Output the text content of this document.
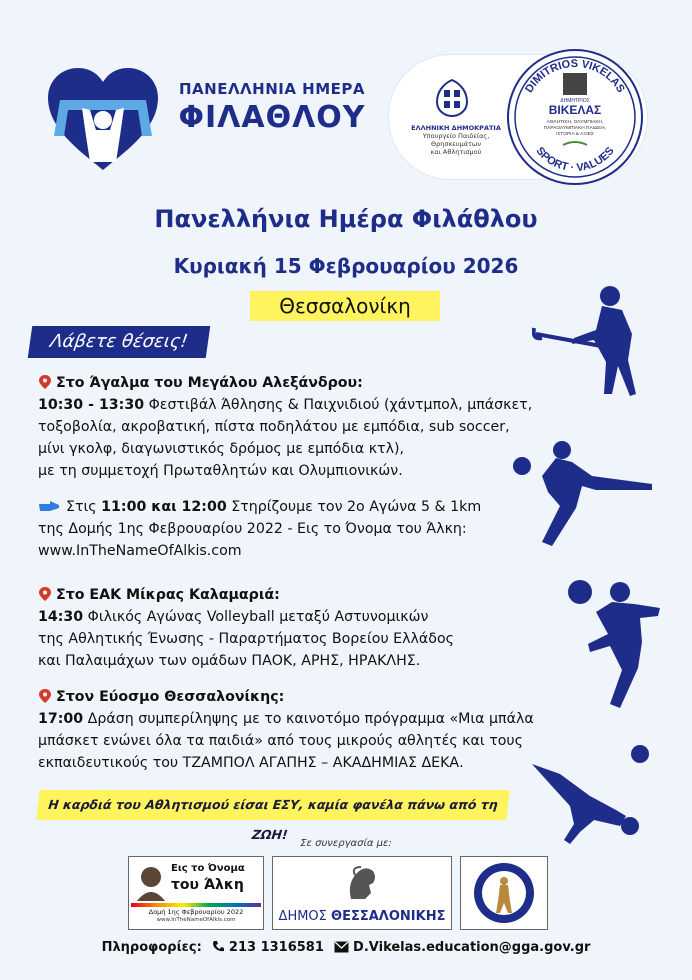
ΠΑΝΕΛΛΗΝΙΑ ΗΜΕΡΑ
ΦΙΛΑΘΛΟΥ	ΕΛΛΗΝΙΚΗ ΔΗΜΟΚΡΑΤΙΑ
Υπουργείο Παιδείας, Θρησκευμάτων
και Αθλητισμού
DIMITRIOS VIKELAS
SPORT · VALUES
ΔΗΜΗΤΡΙΟΣ
ΒΙΚΕΛΑΣ
ΑΘΛΗΤΙΚΗ, ΟΛΥΜΠΙΑΚΗ,
ΠΑΡΑΟΛΥΜΠΙΑΚΗ ΠΑΙΔΕΙΑ,
ΙΣΤΟΡΙΑ & ΑΞΙΕΣ
Πανελλήνια Ημέρα Φιλάθλου
Κυριακή 15 Φεβρουαρίου 2026
Θεσσαλονίκη
Λάβετε θέσεις!
Στο Άγαλμα του Μεγάλου Αλεξάνδρου:
10:30 - 13:30 Φεστιβάλ Άθλησης & Παιχνιδιού (χάντμπολ, μπάσκετ,
τοξοβολία, ακροβατική, πίστα ποδηλάτου με εμπόδια, sub soccer,
μίνι γκολφ, διαγωνιστικός δρόμος με εμπόδια κτλ),
με τη συμμετοχή Πρωταθλητών και Ολυμπιονικών.
Στις 11:00 και 12:00 Στηρίζουμε τον 2ο Αγώνα 5 & 1km
της Δομής 1ης Φεβρουαρίου 2022 - Εις το Όνομα του Άλκη:
www.InTheNameOfAlkis.com
Στο ΕΑΚ Μίκρας Καλαμαριά:
14:30 Φιλικός Αγώνας Volleyball μεταξύ Αστυνομικών
της Αθλητικής Ένωσης - Παραρτήματος Βορείου Ελλάδος
και Παλαιμάχων των ομάδων ΠΑΟΚ, ΑΡΗΣ, ΗΡΑΚΛΗΣ.
Στον Εύοσμο Θεσσαλονίκης:
17:00 Δράση συμπερίληψης με το καινοτόμο πρόγραμμα «Μια μπάλα
μπάσκετ ενώνει όλα τα παιδιά» από τους μικρούς αθλητές και τους
εκπαιδευτικούς του ΤΖΑΜΠΟΛ ΑΓΑΠΗΣ – ΑΚΑΔΗΜΙΑΣ ΔΕΚΑ.
Η καρδιά του Αθλητισμού είσαι ΕΣΥ, καμία φανέλα πάνω από τη ΖΩΗ!
Σε συνεργασία με:
Εις το Όνομα
του Άλκη
Δομή 1ης Φεβρουαρίου 2022
www.InTheNameOfAlkis.com	ΔΗΜΟΣ ΘΕΣΣΑΛΟΝΙΚΗΣ
Πληροφορίες: 213 1316581 D.Vikelas.education@gga.gov.gr
